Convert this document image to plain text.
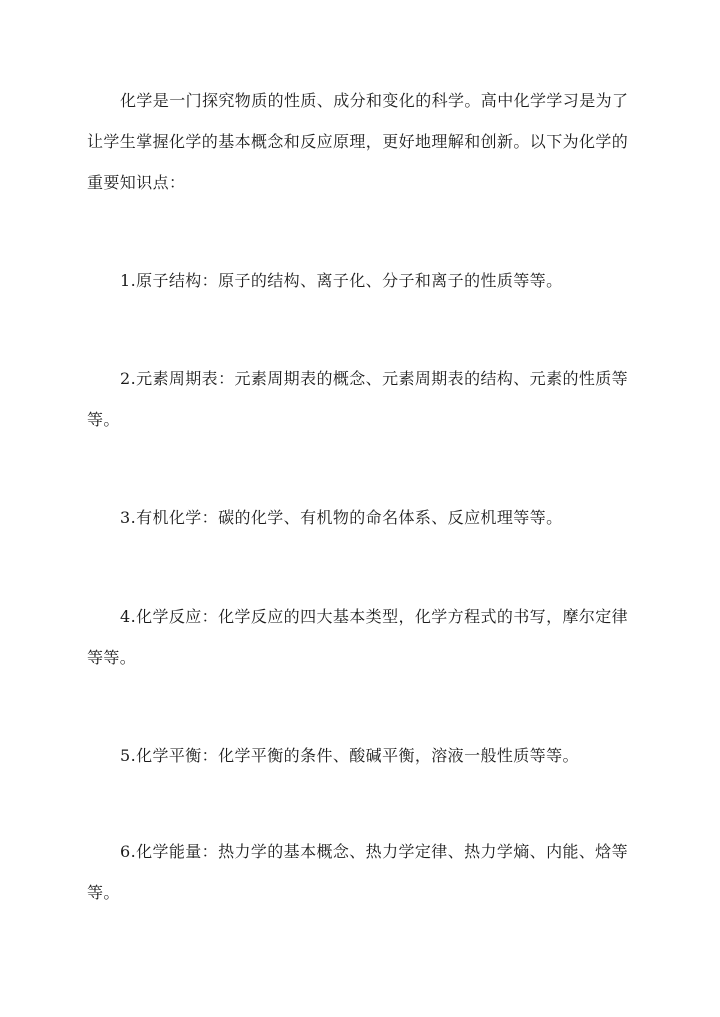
化学是一门探究物质的性质、成分和变化的科学。高中化学学习是为了让学生掌握化学的基本概念和反应原理，更好地理解和创新。以下为化学的重要知识点：

1.原子结构：原子的结构、离子化、分子和离子的性质等等。

2.元素周期表：元素周期表的概念、元素周期表的结构、元素的性质等等。

3.有机化学：碳的化学、有机物的命名体系、反应机理等等。

4.化学反应：化学反应的四大基本类型，化学方程式的书写，摩尔定律等等。

5.化学平衡：化学平衡的条件、酸碱平衡，溶液一般性质等等。

6.化学能量：热力学的基本概念、热力学定律、热力学熵、内能、焓等等。
